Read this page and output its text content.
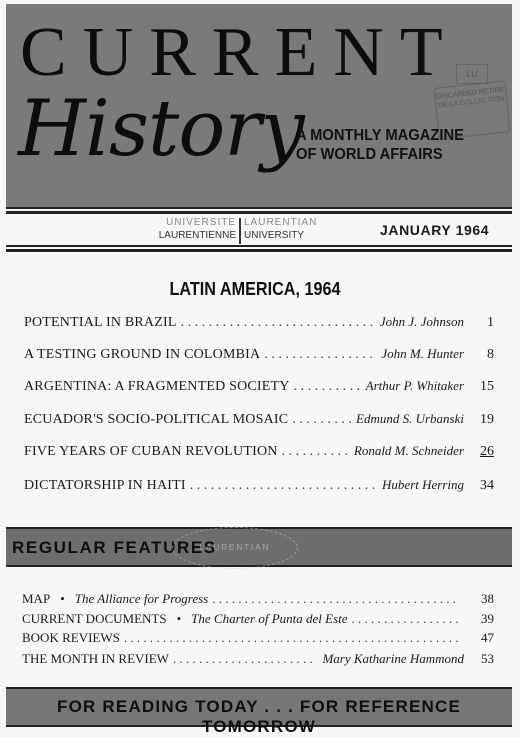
CURRENT
History
A MONTHLY MAGAZINE
OF WORLD AFFAIRS
LU
DISCARDED RETIRE DE LA COLLECTION
UNIVERSITE
LAURENTIENNE
LAURENTIAN
UNIVERSITY	JANUARY 1964
LATIN AMERICA, 1964
POTENTIAL IN BRAZIL . . .	John J. Johnson	1
A TESTING GROUND IN COLOMBIA . . .	John M. Hunter	8
ARGENTINA: A FRAGMENTED SOCIETY . . .	Arthur P. Whitaker	15
ECUADOR'S SOCIO-POLITICAL MOSAIC . . .	Edmund S. Urbanski	19
FIVE YEARS OF CUBAN REVOLUTION . . .	Ronald M. Schneider	26
DICTATORSHIP IN HAITI . . .	Hubert Herring	34
REGULAR FEATURES
LAURENTIAN
MAP • The Alliance for Progress . . .	38
CURRENT DOCUMENTS • The Charter of Punta del Este . . .	39
BOOK REVIEWS . . .	47
THE MONTH IN REVIEW . . .	Mary Katharine Hammond	53
FOR READING TODAY . . . FOR REFERENCE TOMORROW
